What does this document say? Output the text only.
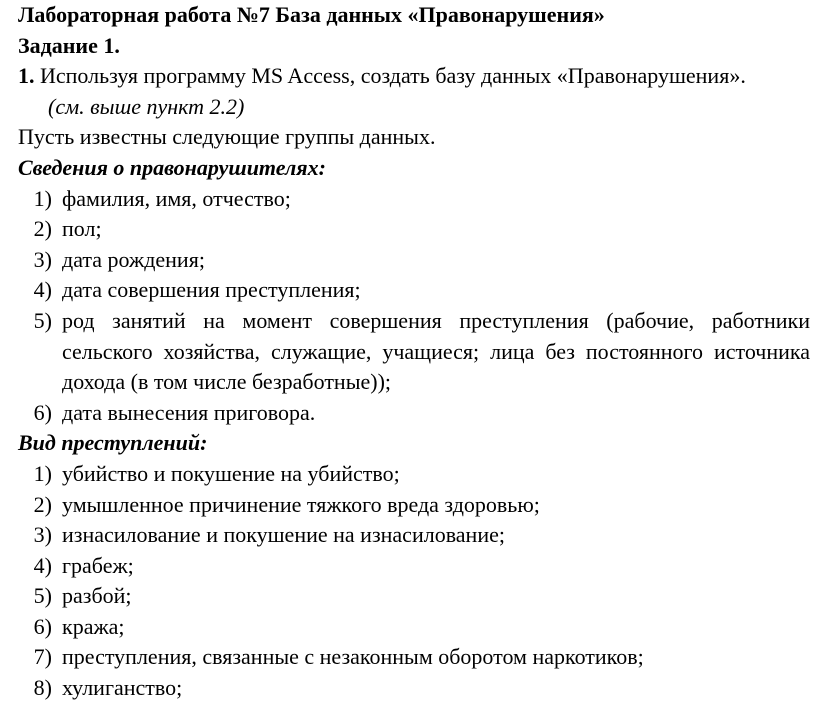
Лабораторная работа №7 База данных «Правонарушения»
Задание 1.
1. Используя программу MS Access, создать базу данных «Правонарушения».
(см. выше пункт 2.2)
Пусть известны следующие группы данных.
Сведения о правонарушителях:
1) фамилия, имя, отчество;
2) пол;
3) дата рождения;
4) дата совершения преступления;
5) род занятий на момент совершения преступления (рабочие, работники сельского хозяйства, служащие, учащиеся; лица без постоянного источника дохода (в том числе безработные));
6) дата вынесения приговора.
Вид преступлений:
1) убийство и покушение на убийство;
2) умышленное причинение тяжкого вреда здоровью;
3) изнасилование и покушение на изнасилование;
4) грабеж;
5) разбой;
6) кража;
7) преступления, связанные с незаконным оборотом наркотиков;
8) хулиганство;
